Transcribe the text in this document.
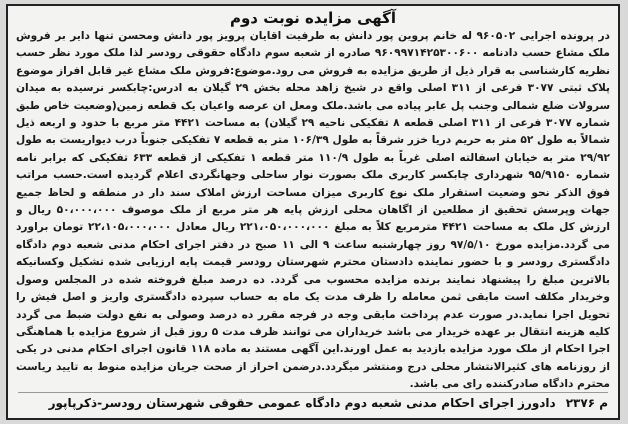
آگهی مزایده نوبت دوم
در پرونده اجرایی ۹۶۰۵۰۲ له خانم پروین پور دانش به طرفیت اقایان پرویز پور دانش ومحسن تنها دایر بر فروش ملک مشاع حسب دادنامه ۹۶۰۹۹۷۱۴۲۵۳۰۰۶۰۰ صادره از شعبه سوم دادگاه حقوقی رودسر لذا ملک مورد نظر حسب نظریه کارشناسی به قرار ذیل از طریق مزایده به فروش می رود.موضوع:فروش ملک مشاع غیر قابل افراز موضوع پلاک ثبتی ۳۰۷۷ فرعی از ۳۱۱ اصلی واقع در شیخ زاهد محله بخش ۲۹ گیلان به ادرس:چابکسر نرسیده به میدان سرولات ضلع شمالی وجنب پل عابر پیاده می باشد.ملک ومعل ان عرصه واعیان یک قطعه زمین(وضعیت خاص طبق شماره ۳۰۷۷ فرعی از ۳۱۱ اصلی قطعه ۸ تفکیکی ناحیه ۲۹ گیلان) به مساحت ۴۴۲۱ متر مربع با حدود و اربعه ذیل شمالاً به طول ۵۲ متر به حریم دریا خزر شرقاً به طول ۱۰۶/۳۹ متر به قطعه ۷ تفکیکی جنوباً درب دیواریست به طول ۲۹/۹۲ متر به خیابان اسفالته اصلی غرباً به طول ۱۱۰/۹ متر قطعه ۱ تفکیکی از قطعه ۶۳۳ تفکیکی که برابر نامه شماره ۹۵/۹۱۵۰ شهرداری چابکسر کاربری ملک بصورت نوار ساحلی وجهانگردی اعلام گردیده است.حسب مراتب فوق الذکر نحو وضعیت استقرار ملک نوع کاربری میزان مساحت ارزش املاک سند دار در منطقه و لحاظ جمیع جهات وپرسش تحقیق از مطلعین از اگاهان محلی ارزش پایه هر متر مربع از ملک موصوف ۵۰،۰۰۰،۰۰۰ ریال و ارزش کل ملک به مساحت ۴۴۲۱ مترمربع کلاً به مبلغ ۲۲۱،۰۵۰،۰۰۰،۰۰۰ ریال معادل ۲۲،۱۰۵،۰۰۰،۰۰۰ تومان براورد می گردد.مزایده مورخ ۹۷/۵/۱۰ روز چهارشنبه ساعت ۹ الی ۱۱ صبح در دفتر اجرای احکام مدنی شعبه دوم دادگاه دادگستری رودسر و با حضور نماینده دادستان محترم شهرستان رودسر قیمت پایه ارزیابی شده تشکیل وکسانیکه بالاترین مبلغ را پیشنهاد نمایند برنده مزایده محسوب می گردد. ده درصد مبلغ فروخته شده در المجلس وصول وخریدار مکلف است مابقی ثمن معامله را ظرف مدت یک ماه به حساب سپرده دادگستری واریز و اصل فیش را تحویل اجرا نماید.در صورت عدم پرداخت مابقی وجه در فرجه مقرر ده درصد وصولی به نفع دولت ضبط می گردد کلیه هزینه انتقال بر عهده خریدار می باشد خریداران می توانند ظرف مدت ۵ روز قبل از شروع مزایده با هماهنگی اجرا احکام از ملک مورد مزایده بازدید به عمل اورند.این آگهی مستند به ماده ۱۱۸ قانون اجرای احکام مدنی در یکی از روزنامه های کثیرالانتشار محلی درج ومنتشر میگردد.درضمن احراز از صحت جریان مزایده منوط به تایید ریاست محترم دادگاه صادرکننده رای می باشد.
م ۲۳۷۶
دادورز اجرای احکام مدنی شعبه دوم دادگاه عمومی حقوقی شهرستان رودسر-ذکرپاپور
